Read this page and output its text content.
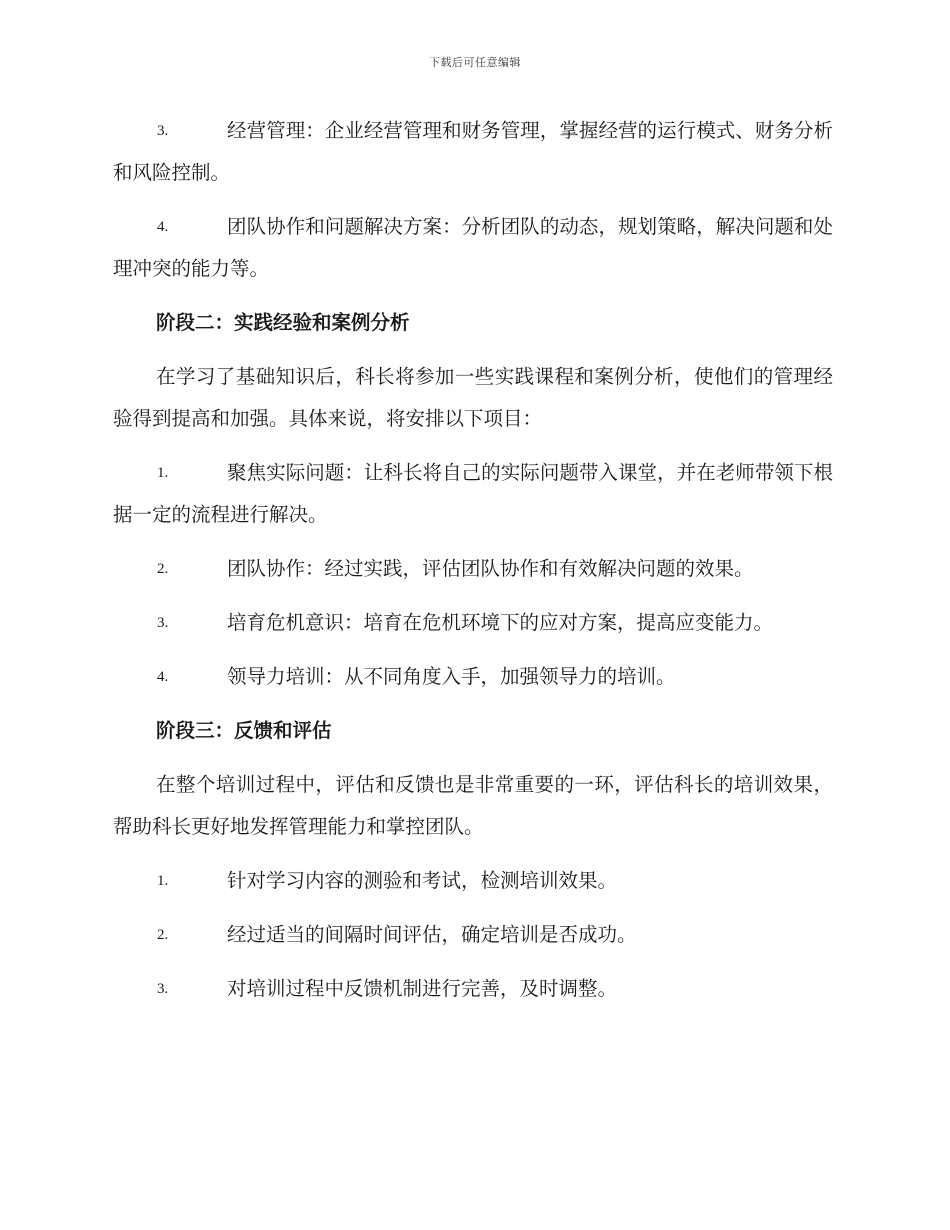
下载后可任意编辑
3.	经营管理：企业经营管理和财务管理，掌握经营的运行模式、财务分析和风险控制。
4.	团队协作和问题解决方案：分析团队的动态，规划策略，解决问题和处理冲突的能力等。
阶段二：实践经验和案例分析
在学习了基础知识后，科长将参加一些实践课程和案例分析，使他们的管理经验得到提高和加强。具体来说，将安排以下项目：
1.	聚焦实际问题：让科长将自己的实际问题带入课堂，并在老师带领下根据一定的流程进行解决。
2.	团队协作：经过实践，评估团队协作和有效解决问题的效果。
3.	培育危机意识：培育在危机环境下的应对方案，提高应变能力。
4.	领导力培训：从不同角度入手，加强领导力的培训。
阶段三：反馈和评估
在整个培训过程中，评估和反馈也是非常重要的一环，评估科长的培训效果，帮助科长更好地发挥管理能力和掌控团队。
1.	针对学习内容的测验和考试，检测培训效果。
2.	经过适当的间隔时间评估，确定培训是否成功。
3.	对培训过程中反馈机制进行完善，及时调整。
